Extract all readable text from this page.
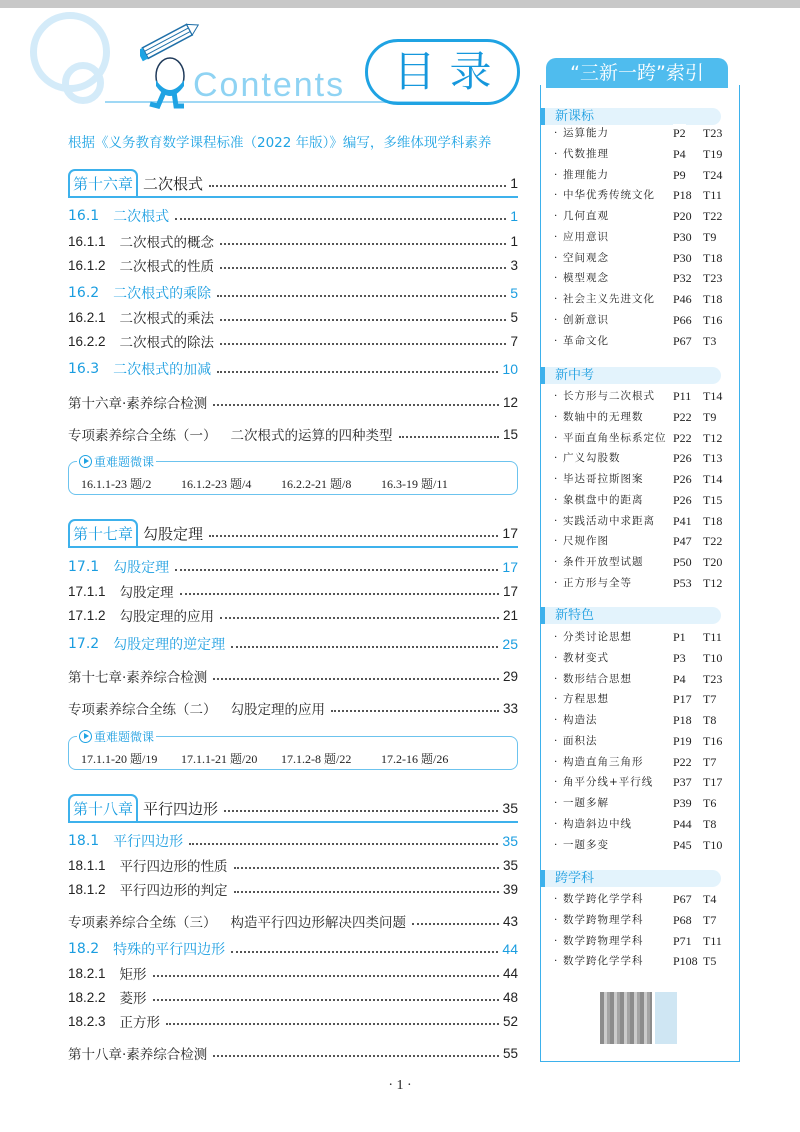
Contents	目录
根据《义务教育数学课程标准（2022 年版）》编写，多维体现学科素养
第十六章 二次根式	1
16.1 二次根式	1
16.1.1 二次根式的概念	1
16.1.2 二次根式的性质	3
16.2 二次根式的乘除	5
16.2.1 二次根式的乘法	5
16.2.2 二次根式的除法	7
16.3 二次根式的加减	10
第十六章·素养综合检测	12
专项素养综合全练（一） 二次根式的运算的四种类型	15
重难题微课
16.1.1-23 题/2	16.1.2-23 题/4	16.2.2-21 题/8	16.3-19 题/11
第十七章 勾股定理	17
17.1 勾股定理	17
17.1.1 勾股定理	17
17.1.2 勾股定理的应用	21
17.2 勾股定理的逆定理	25
第十七章·素养综合检测	29
专项素养综合全练（二） 勾股定理的应用	33
重难题微课
17.1.1-20 题/19	17.1.1-21 题/20	17.1.2-8 题/22	17.2-16 题/26
第十八章 平行四边形	35
18.1 平行四边形	35
18.1.1 平行四边形的性质	35
18.1.2 平行四边形的判定	39
专项素养综合全练（三） 构造平行四边形解决四类问题	43
18.2 特殊的平行四边形	44
18.2.1 矩形	44
18.2.2 菱形	48
18.2.3 正方形	52
第十八章·素养综合检测	55
“三新一跨”索引
新课标
· 运算能力	P2 T23
· 代数推理	P4 T19
· 推理能力	P9 T24
· 中华优秀传统文化 P18 T11
· 几何直观	P20 T22
· 应用意识	P30 T9
· 空间观念	P30 T18
· 模型观念	P32 T23
· 社会主义先进文化 P46 T18
· 创新意识	P66 T16
· 革命文化	P67 T3
新中考
· 长方形与二次根式 P11 T14
· 数轴中的无理数 P22 T9
· 平面直角坐标系定位 P22 T12
· 广义勾股数	P26 T13
· 毕达哥拉斯图案 P26 T14
· 象棋盘中的距离 P26 T15
· 实践活动中求距离 P41 T18
· 尺规作图	P47 T22
· 条件开放型试题 P50 T20
· 正方形与全等	P53 T12
新特色
· 分类讨论思想	P1 T11
· 教材变式	P3 T10
· 数形结合思想	P4 T23
· 方程思想	P17 T7
· 构造法	P18 T8
· 面积法	P19 T16
· 构造直角三角形 P22 T7
· 角平分线+平行线 P37 T17
· 一题多解	P39 T6
· 构造斜边中线	P44 T8
· 一题多变	P45 T10
跨学科
· 数学跨化学学科 P67 T4
· 数学跨物理学科 P68 T7
· 数学跨物理学科 P71 T11
· 数学跨化学学科 P108 T5
· 1 ·
